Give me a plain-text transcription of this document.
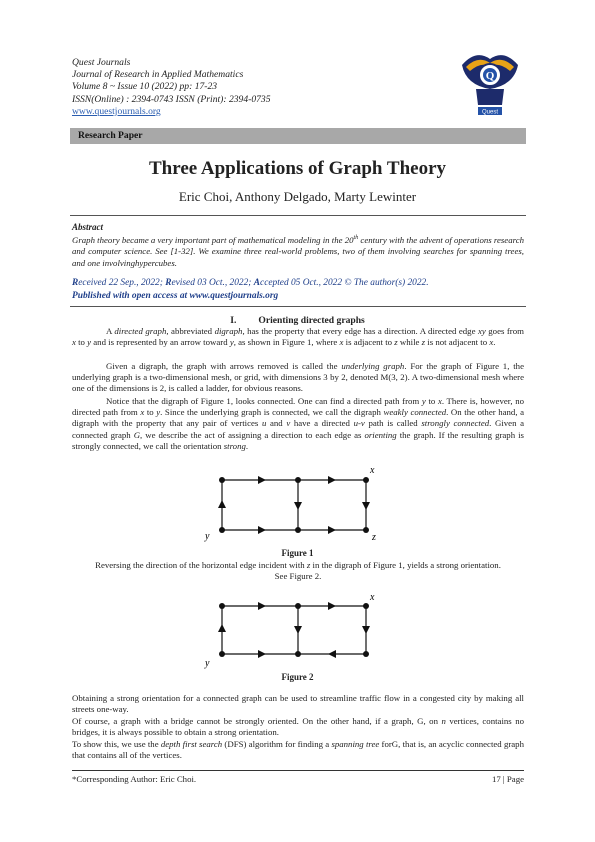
Quest Journals
Journal of Research in Applied Mathematics
Volume 8 ~ Issue 10 (2022) pp: 17-23
ISSN(Online) : 2394-0743 ISSN (Print): 2394-0735
www.questjournals.org
Q
Quest
Research Paper
Three Applications of Graph Theory
Eric Choi, Anthony Delgado, Marty Lewinter
Abstract
Graph theory became a very important part of mathematical modeling in the 20th century with the advent of operations research and computer science. See [1-32]. We examine three real-world problems, two of them involving searches for spanning trees, and one involvinghypercubes.
Received 22 Sep., 2022; Revised 03 Oct., 2022; Accepted 05 Oct., 2022 © The author(s) 2022.
Published with open access at www.questjournals.org
I. Orienting directed graphs
A directed graph, abbreviated digraph, has the property that every edge has a direction. A directed edge xy goes from x to y and is represented by an arrow toward y, as shown in Figure 1, where x is adjacent to z while z is not adjacent to x.
Given a digraph, the graph with arrows removed is called the underlying graph. For the graph of Figure 1, the underlying graph is a two-dimensional mesh, or grid, with dimensions 3 by 2, denoted M(3, 2). A two-dimensional mesh where one of the dimensions is 2, is called a ladder, for obvious reasons.
Notice that the digraph of Figure 1, looks connected. One can find a directed path from y to x. There is, however, no directed path from x to y. Since the underlying graph is connected, we call the digraph weakly connected. On the other hand, a digraph with the property that any pair of vertices u and v have a directed u-v path is called strongly connected. Given a connected graph G, we describe the act of assigning a direction to each edge as orienting the graph. If the resulting graph is strongly connected, we call the orientation strong.
x
y	z
Figure 1
Reversing the direction of the horizontal edge incident with z in the digraph of Figure 1, yields a strong orientation. See Figure 2.
x
y
Figure 2
Obtaining a strong orientation for a connected graph can be used to streamline traffic flow in a congested city by making all streets one-way.
Of course, a graph with a bridge cannot be strongly oriented. On the other hand, if a graph, G, on n vertices, contains no bridges, it is always possible to obtain a strong orientation.
To show this, we use the depth first search (DFS) algorithm for finding a spanning tree forG, that is, an acyclic connected graph that contains all of the vertices.
*Corresponding Author: Eric Choi.	17 | Page
